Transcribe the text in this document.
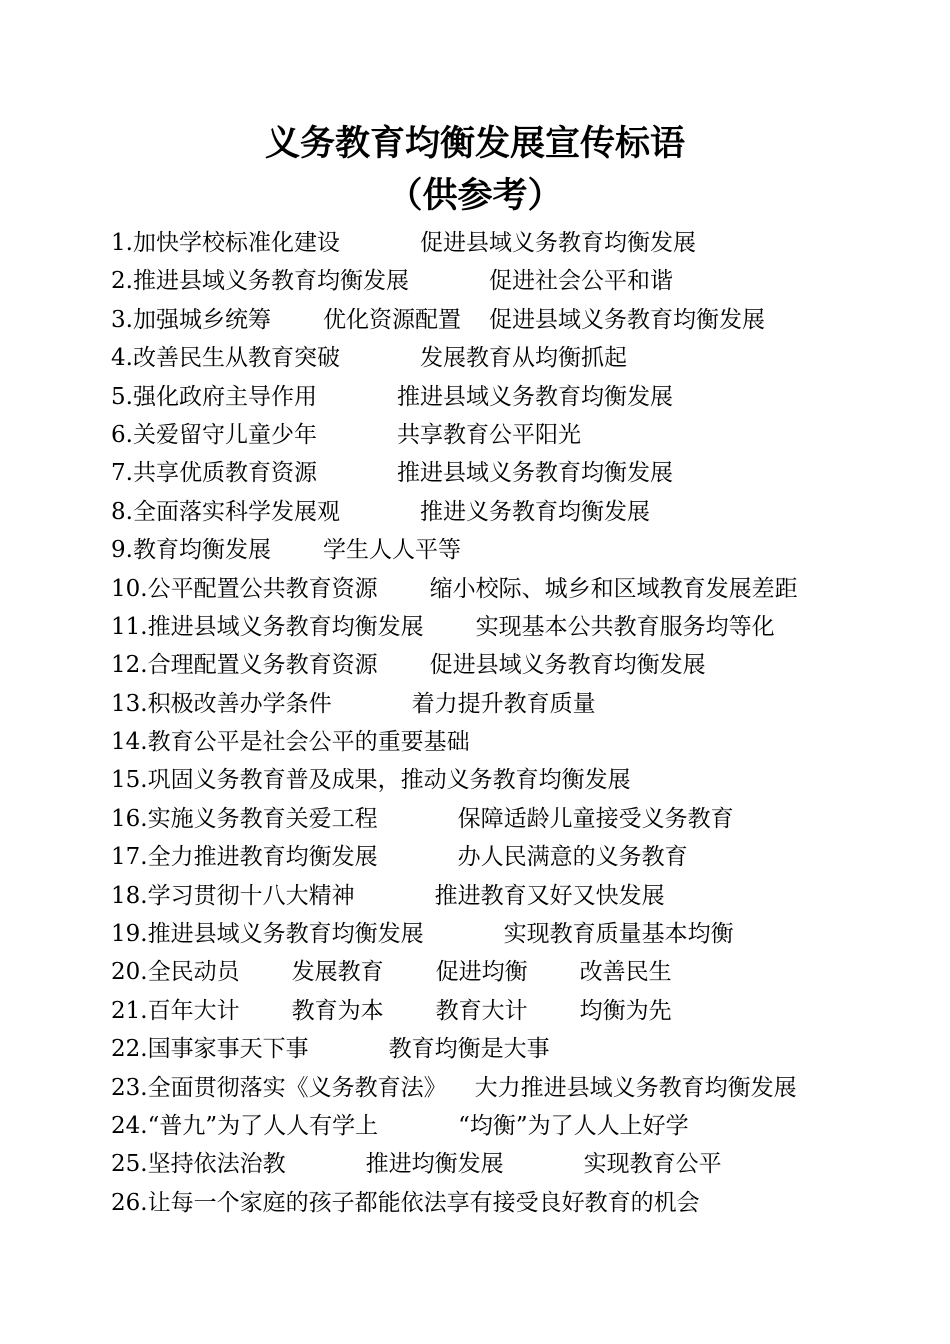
义务教育均衡发展宣传标语
（供参考）
1.加快学校标准化建设	促进县域义务教育均衡发展
2.推进县域义务教育均衡发展	促进社会公平和谐
3.加强城乡统筹 优化资源配置 促进县域义务教育均衡发展
4.改善民生从教育突破	发展教育从均衡抓起
5.强化政府主导作用	推进县域义务教育均衡发展
6.关爱留守儿童少年	共享教育公平阳光
7.共享优质教育资源	推进县域义务教育均衡发展
8.全面落实科学发展观	推进义务教育均衡发展
9.教育均衡发展 学生人人平等
10.公平配置公共教育资源 缩小校际、城乡和区域教育发展差距
11.推进县域义务教育均衡发展 实现基本公共教育服务均等化
12.合理配置义务教育资源 促进县域义务教育均衡发展
13.积极改善办学条件	着力提升教育质量
14.教育公平是社会公平的重要基础
15.巩固义务教育普及成果，推动义务教育均衡发展
16.实施义务教育关爱工程	保障适龄儿童接受义务教育
17.全力推进教育均衡发展	办人民满意的义务教育
18.学习贯彻十八大精神	推进教育又好又快发展
19.推进县域义务教育均衡发展	实现教育质量基本均衡
20.全民动员 发展教育 促进均衡 改善民生
21.百年大计 教育为本 教育大计 均衡为先
22.国事家事天下事	教育均衡是大事
23.全面贯彻落实《义务教育法》 大力推进县域义务教育均衡发展
24.“普九”为了人人有学上	“均衡”为了人人上好学
25.坚持依法治教	推进均衡发展	实现教育公平
26.让每一个家庭的孩子都能依法享有接受良好教育的机会
